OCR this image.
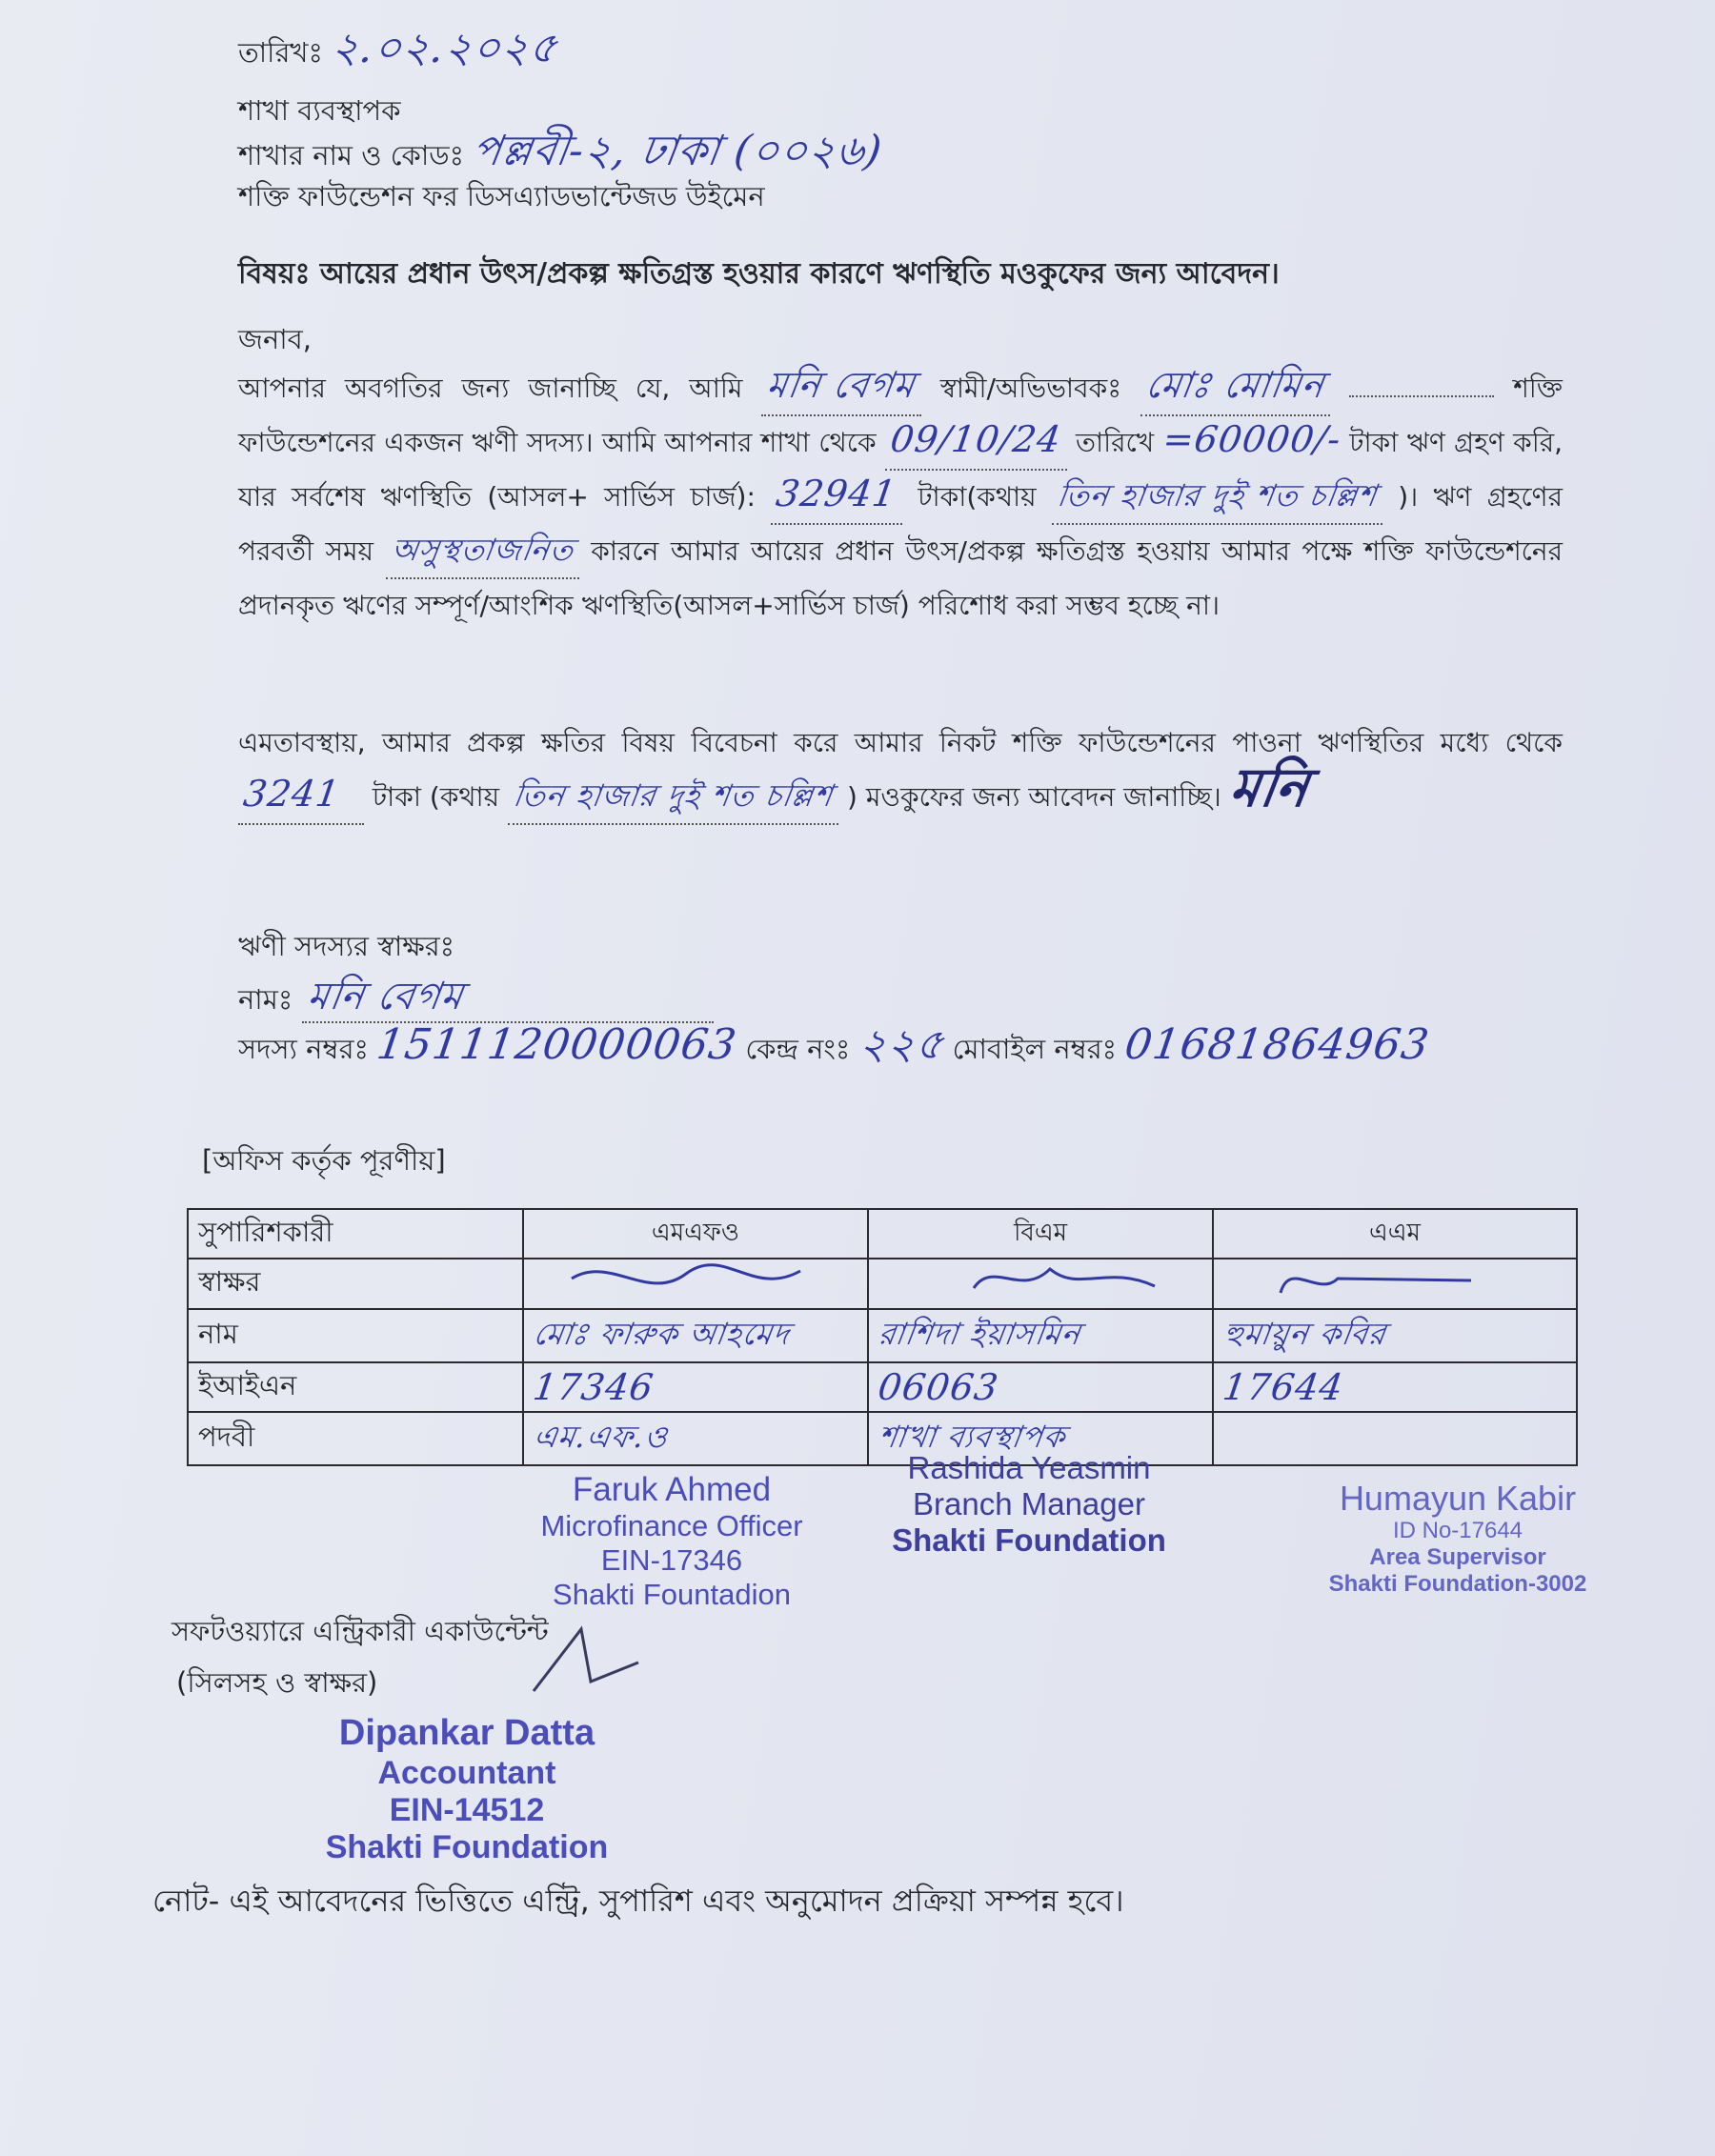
তারিখঃ ২.০২.২০২৫
শাখা ব্যবস্থাপক
শাখার নাম ও কোডঃ পল্লবী-২, ঢাকা (০০২৬)
শক্তি ফাউন্ডেশন ফর ডিসএ্যাডভান্টেজড উইমেন
বিষয়ঃ আয়ের প্রধান উৎস/প্রকল্প ক্ষতিগ্রস্ত হওয়ার কারণে ঋণস্থিতি মওকুফের জন্য আবেদন।
জনাব,
আপনার অবগতির জন্য জানাচ্ছি যে, আমি মনি বেগম স্বামী/অভিভাবকঃ মোঃ মোমিন	শক্তি ফাউন্ডেশনের একজন ঋণী সদস্য। আমি আপনার শাখা থেকে 09/10/24 তারিখে =60000/- টাকা ঋণ গ্রহণ করি, যার সর্বশেষ ঋণস্থিতি (আসল+ সার্ভিস চার্জ): 32941 টাকা(কথায় তিন হাজার দুই শত চল্লিশ )। ঋণ গ্রহণের পরবর্তী সময় অসুস্থতাজনিত কারনে আমার আয়ের প্রধান উৎস/প্রকল্প ক্ষতিগ্রস্ত হওয়ায় আমার পক্ষে শক্তি ফাউন্ডেশনের প্রদানকৃত ঋণের সম্পূর্ণ/আংশিক ঋণস্থিতি(আসল+সার্ভিস চার্জ) পরিশোধ করা সম্ভব হচ্ছে না।
এমতাবস্থায়, আমার প্রকল্প ক্ষতির বিষয় বিবেচনা করে আমার নিকট শক্তি ফাউন্ডেশনের পাওনা ঋণস্থিতির মধ্যে থেকে 3241 টাকা (কথায় তিন হাজার দুই শত চল্লিশ ) মওকুফের জন্য আবেদন জানাচ্ছি। মনি
ঋণী সদস্যর স্বাক্ষরঃ
নামঃ মনি বেগম
সদস্য নম্বরঃ 1511120000063 কেন্দ্র নংঃ ২২৫ মোবাইল নম্বরঃ 01681864963
[অফিস কর্তৃক পূরণীয়]
সুপারিশকারী	এমএফও	বিএম	এএম
স্বাক্ষর			
নাম	মোঃ ফারুক আহমেদ	রাশিদা ইয়াসমিন	হুমায়ুন কবির
ইআইএন	17346	06063	17644
পদবী	এম.এফ.ও	শাখা ব্যবস্থাপক	
Faruk Ahmed
Microfinance Officer
EIN-17346
Shakti Fountadion
Rashida Yeasmin
Branch Manager
Shakti Foundation
Humayun Kabir
ID No-17644
Area Supervisor
Shakti Foundation-3002
সফটওয়্যারে এন্ট্রিকারী একাউন্টেন্ট
(সিলসহ ও স্বাক্ষর)
Dipankar Datta
Accountant
EIN-14512
Shakti Foundation
নোট- এই আবেদনের ভিত্তিতে এন্ট্রি, সুপারিশ এবং অনুমোদন প্রক্রিয়া সম্পন্ন হবে।
